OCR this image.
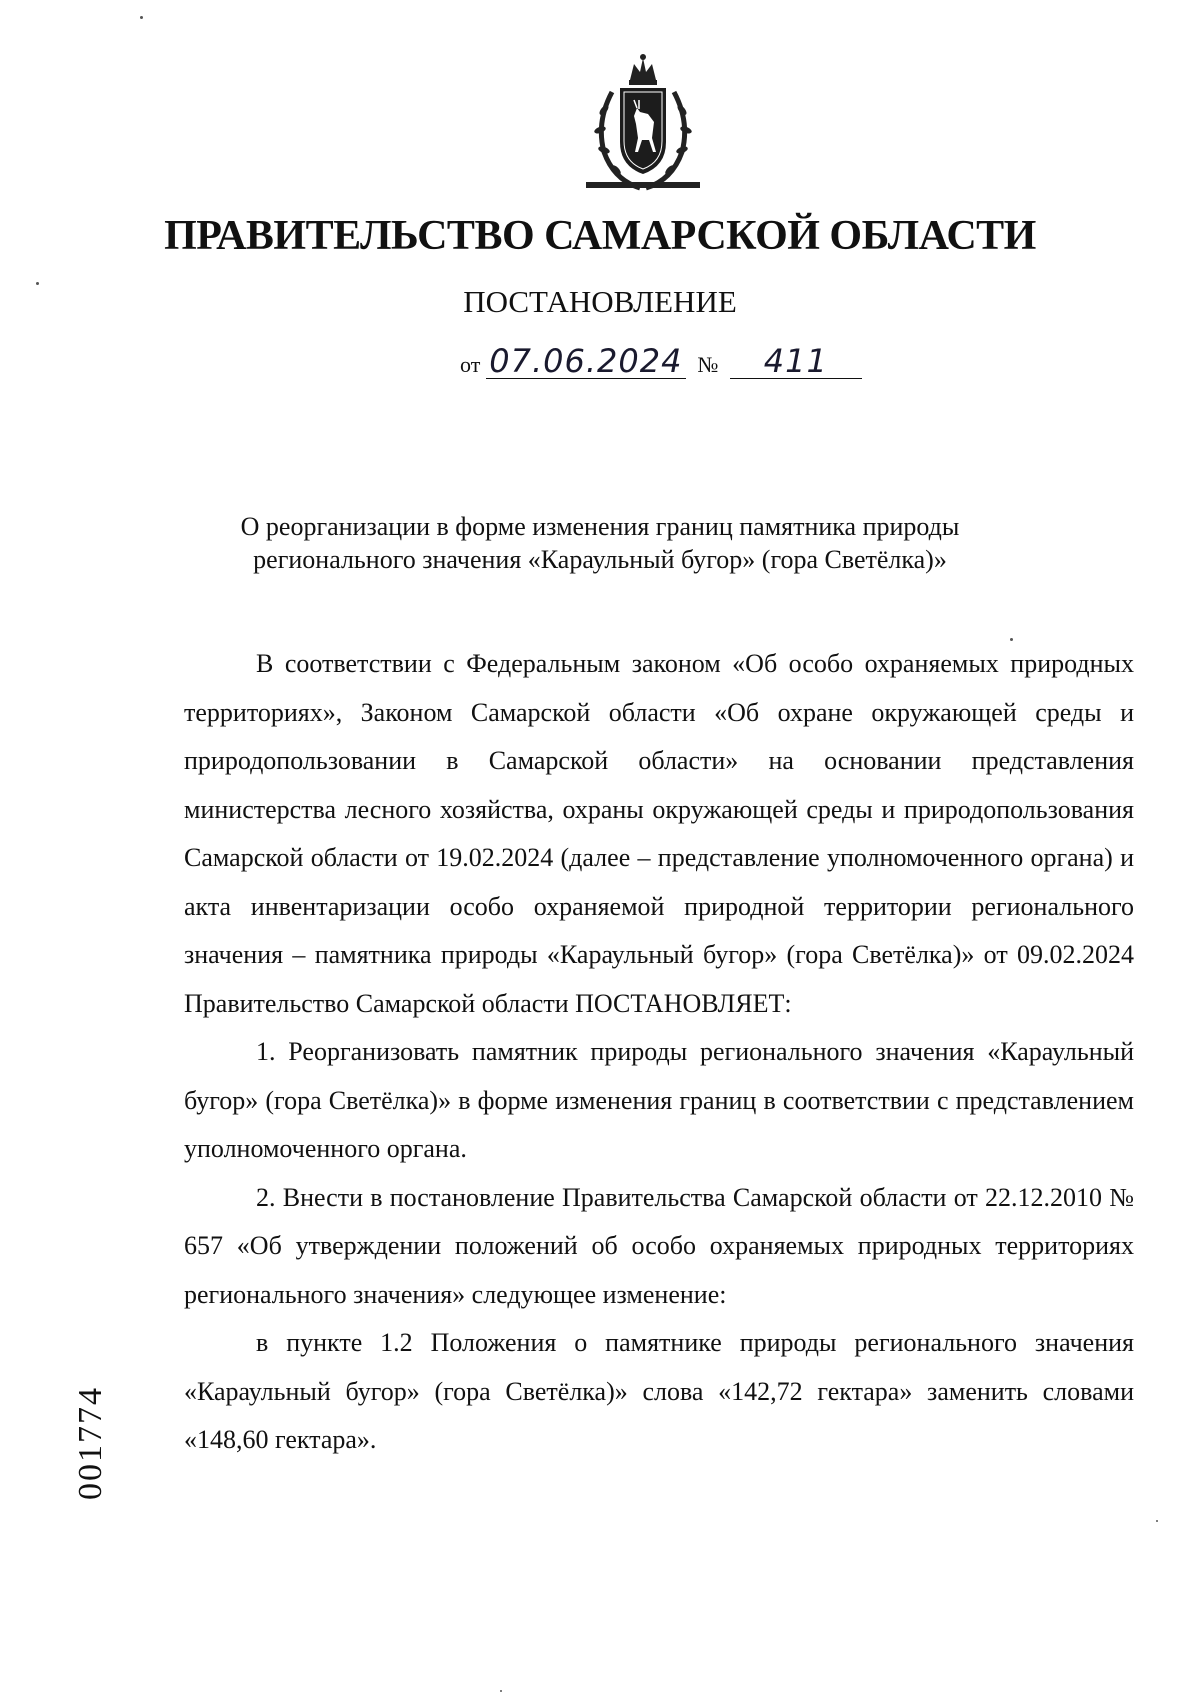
ПРАВИТЕЛЬСТВО САМАРСКОЙ ОБЛАСТИ
ПОСТАНОВЛЕНИЕ
от 07.06.2024 № 411
О реорганизации в форме изменения границ памятника природы регионального значения «Караульный бугор» (гора Светёлка)»

В соответствии с Федеральным законом «Об особо охраняемых природных территориях», Законом Самарской области «Об охране окружающей среды и природопользовании в Самарской области» на основании представления министерства лесного хозяйства, охраны окружающей среды и природопользования Самарской области от 19.02.2024 (далее – представление уполномоченного органа) и акта инвентаризации особо охраняемой природной территории регионального значения – памятника природы «Караульный бугор» (гора Светёлка)» от 09.02.2024 Правительство Самарской области ПОСТАНОВЛЯЕТ:

1. Реорганизовать памятник природы регионального значения «Караульный бугор» (гора Светёлка)» в форме изменения границ в соответствии с представлением уполномоченного органа.

2. Внести в постановление Правительства Самарской области от 22.12.2010 № 657 «Об утверждении положений об особо охраняемых природных территориях регионального значения» следующее изменение:

в пункте 1.2 Положения о памятнике природы регионального значения «Караульный бугор» (гора Светёлка)» слова «142,72 гектара» заменить словами «148,60 гектара».

001774
